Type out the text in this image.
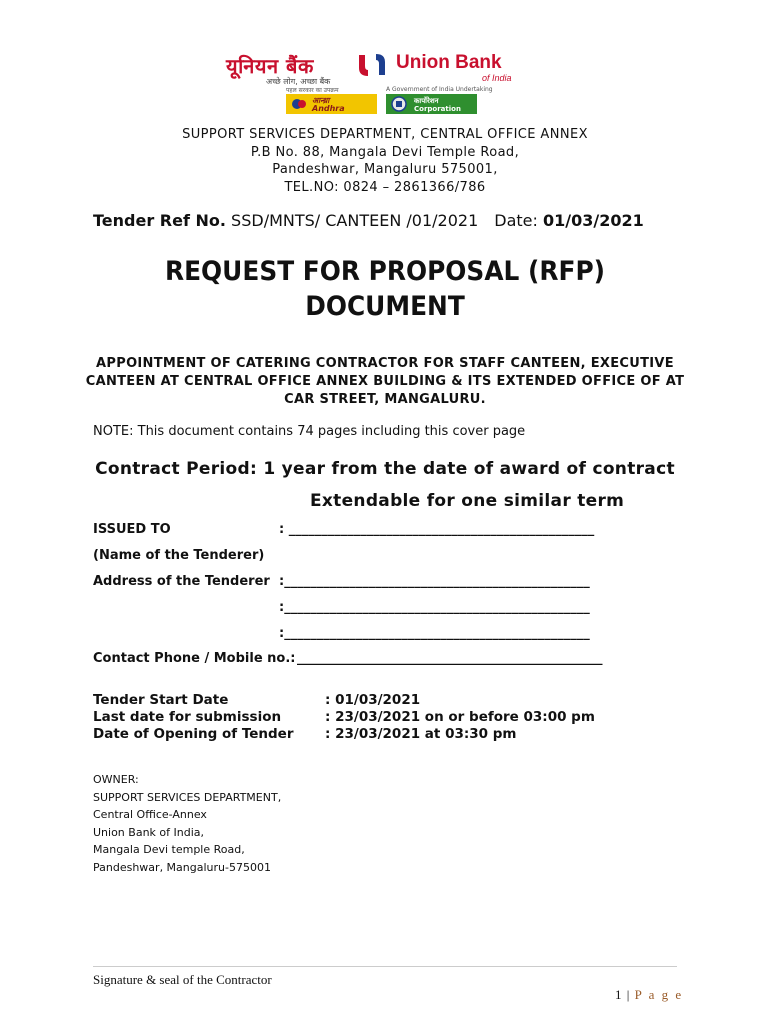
यूनियन बैंक
अच्छे लोग, अच्छा बैंक
Union Bank
of India
पहल सरकार का उपक्रम	A Government of India Undertaking
आन्ध्रा
Andhra
कार्पोरेशन
Corporation
SUPPORT SERVICES DEPARTMENT, CENTRAL OFFICE ANNEX
P.B No. 88, Mangala Devi Temple Road,
Pandeshwar, Mangaluru 575001,
TEL.NO: 0824 – 2861366/786
Tender Ref No. SSD/MNTS/ CANTEEN /01/2021 Date: 01/03/2021
REQUEST FOR PROPOSAL (RFP)
DOCUMENT
APPOINTMENT OF CATERING CONTRACTOR FOR STAFF CANTEEN, EXECUTIVE
CANTEEN AT CENTRAL OFFICE ANNEX BUILDING & ITS EXTENDED OFFICE OF AT
CAR STREET, MANGALURU.
NOTE: This document contains 74 pages including this cover page
Contract Period: 1 year from the date of award of contract
Extendable for one similar term
ISSUED TO	: _______________________________________________
(Name of the Tenderer)
Address of the Tenderer :_______________________________________________
:_______________________________________________
:_______________________________________________
Contact Phone / Mobile no.: _______________________________________________
Tender Start Date	: 01/03/2021
Last date for submission	: 23/03/2021 on or before 03:00 pm
Date of Opening of Tender : 23/03/2021 at 03:30 pm
OWNER:
SUPPORT SERVICES DEPARTMENT,
Central Office-Annex
Union Bank of India,
Mangala Devi temple Road,
Pandeshwar, Mangaluru-575001
Signature & seal of the Contractor
1 | P a g e
